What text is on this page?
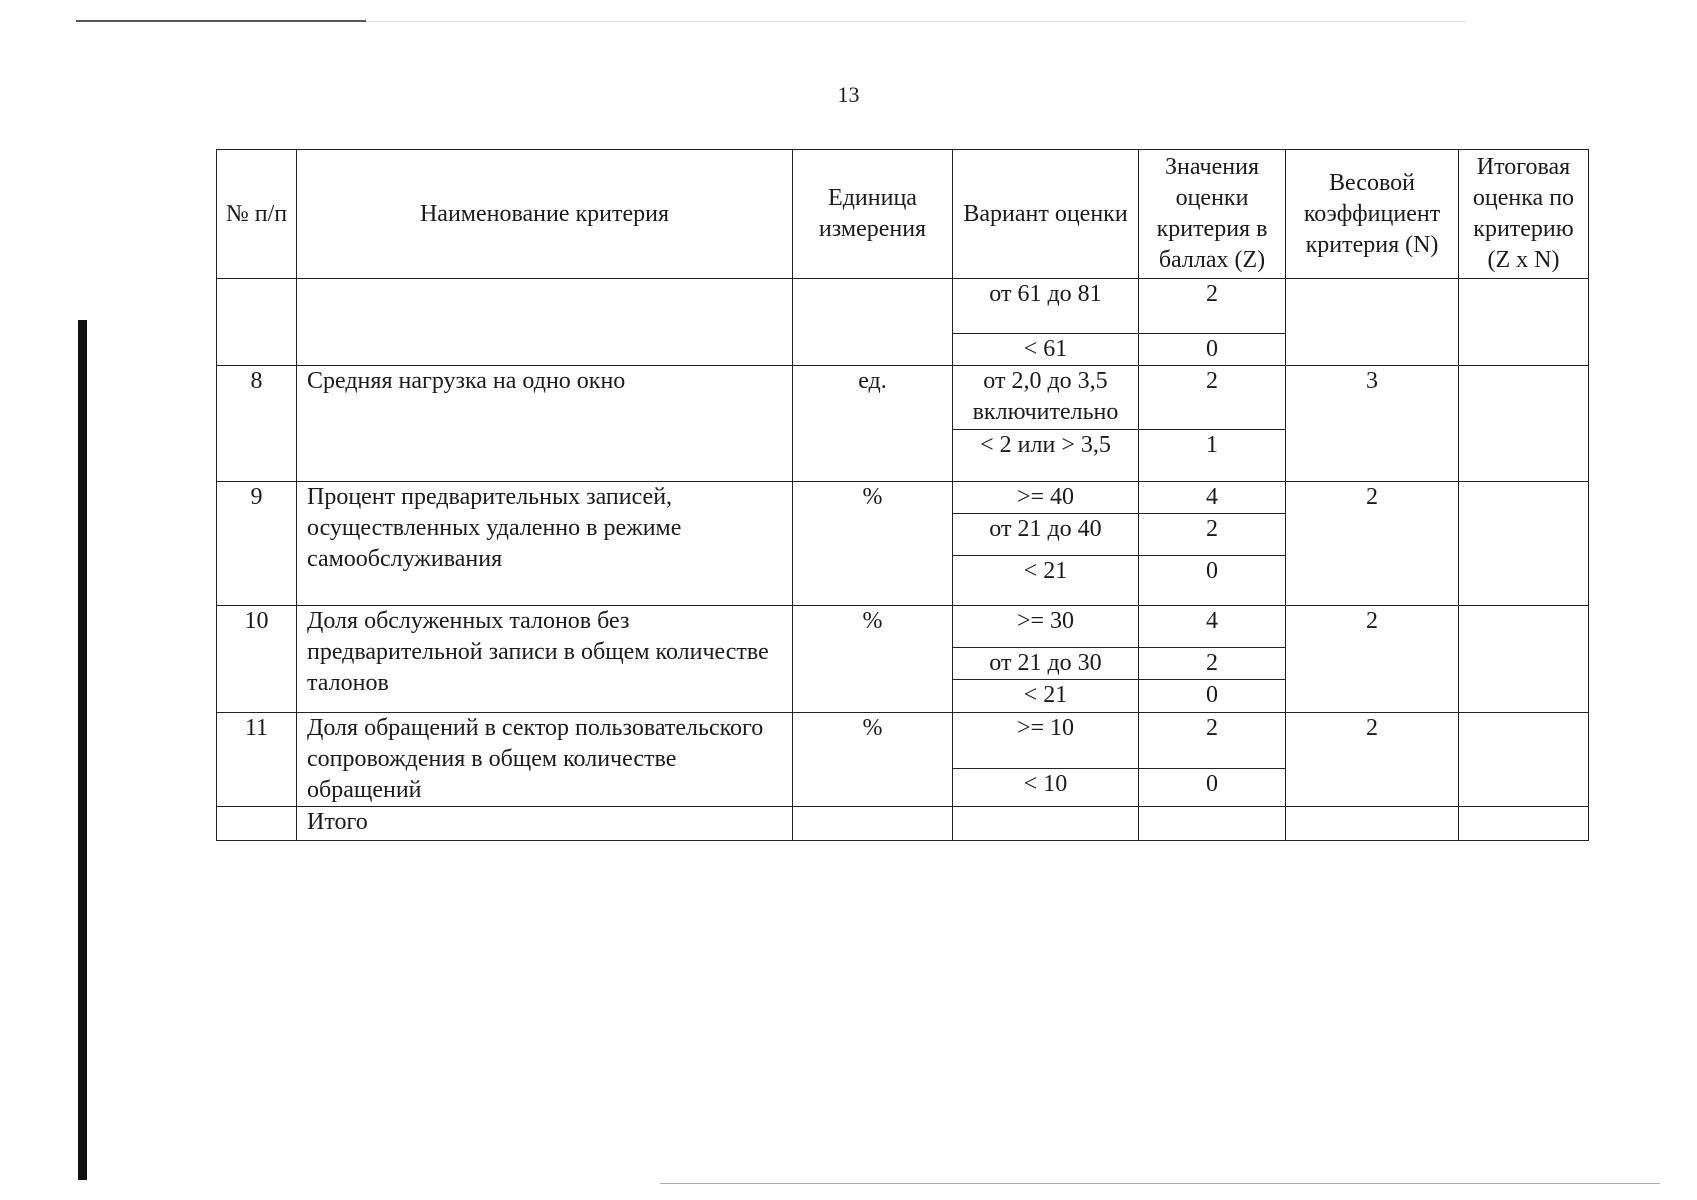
13
№ п/п	Наименование критерия	Единица измерения	Вариант оценки	Значения оценки критерия в баллах (Z)	Весовой коэффициент критерия (N)	Итоговая оценка по критерию (Z x N)
			от 61 до 81	2		
			< 61	0		
8	Средняя нагрузка на одно окно	ед.	от 2,0 до 3,5 включительно	2	3	
			< 2 или > 3,5	1		
9	Процент предварительных записей, осуществленных удаленно в режиме самообслуживания	%	>= 40	4	2	
			от 21 до 40	2		
			< 21	0		
10	Доля обслуженных талонов без предварительной записи в общем количестве талонов	%	>= 30	4	2	
			от 21 до 30	2		
			< 21	0		
11	Доля обращений в сектор пользовательского сопровождения в общем количестве обращений	%	>= 10	2	2	
			< 10	0		
	Итого					
